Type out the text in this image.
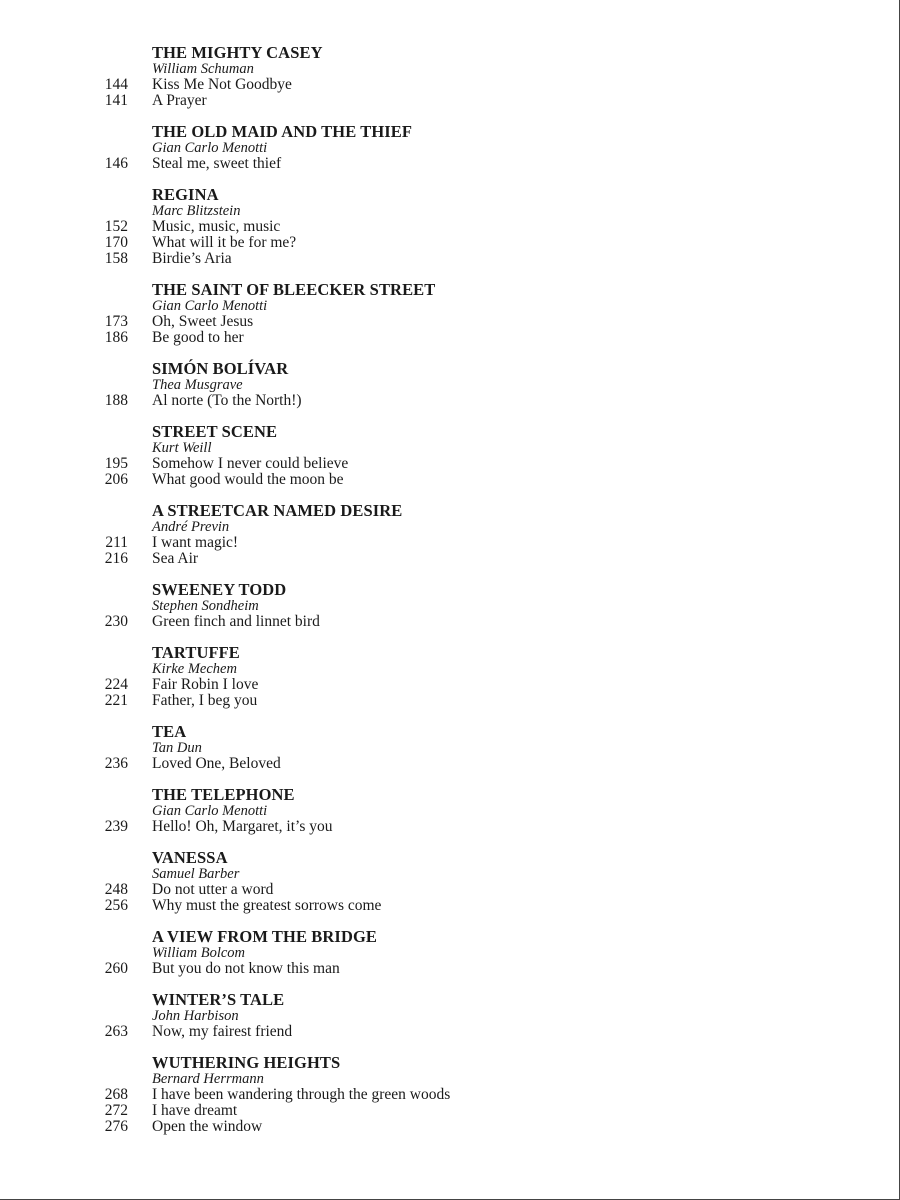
THE MIGHTY CASEY
William Schuman
144	Kiss Me Not Goodbye
141	A Prayer
THE OLD MAID AND THE THIEF
Gian Carlo Menotti
146	Steal me, sweet thief
REGINA
Marc Blitzstein
152	Music, music, music
170	What will it be for me?
158	Birdie’s Aria
THE SAINT OF BLEECKER STREET
Gian Carlo Menotti
173	Oh, Sweet Jesus
186	Be good to her
SIMÓN BOLÍVAR
Thea Musgrave
188	Al norte (To the North!)
STREET SCENE
Kurt Weill
195	Somehow I never could believe
206	What good would the moon be
A STREETCAR NAMED DESIRE
André Previn
211	I want magic!
216	Sea Air
SWEENEY TODD
Stephen Sondheim
230	Green finch and linnet bird
TARTUFFE
Kirke Mechem
224	Fair Robin I love
221	Father, I beg you
TEA
Tan Dun
236	Loved One, Beloved
THE TELEPHONE
Gian Carlo Menotti
239	Hello! Oh, Margaret, it’s you
VANESSA
Samuel Barber
248	Do not utter a word
256	Why must the greatest sorrows come
A VIEW FROM THE BRIDGE
William Bolcom
260	But you do not know this man
WINTER’S TALE
John Harbison
263	Now, my fairest friend
WUTHERING HEIGHTS
Bernard Herrmann
268	I have been wandering through the green woods
272	I have dreamt
276	Open the window
